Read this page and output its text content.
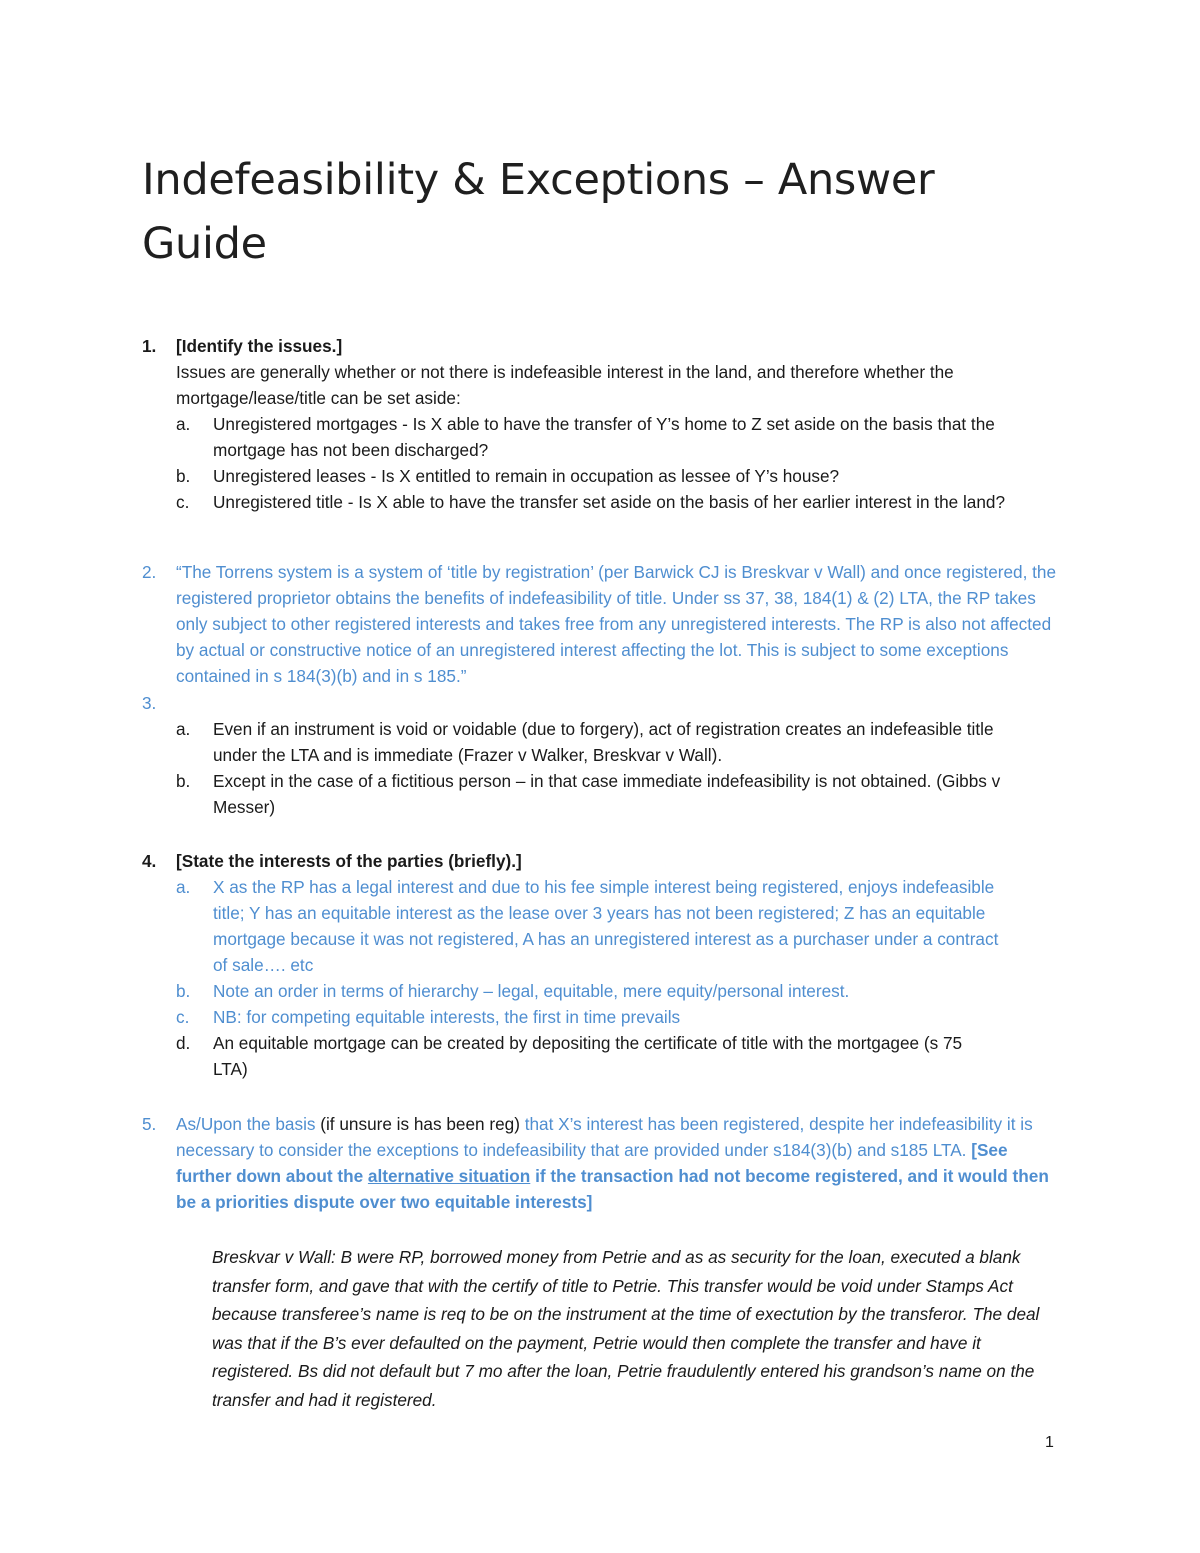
Indefeasibility & Exceptions – Answer Guide
1.	[Identify the issues.]

Issues are generally whether or not there is indefeasible interest in the land, and therefore whether the mortgage/lease/title can be set aside:

a.	Unregistered mortgages - Is X able to have the transfer of Y’s home to Z set aside on the basis that the mortgage has not been discharged?

b.	Unregistered leases - Is X entitled to remain in occupation as lessee of Y’s house?

c.	Unregistered title - Is X able to have the transfer set aside on the basis of her earlier interest in the land?

2.	“The Torrens system is a system of ‘title by registration’ (per Barwick CJ is Breskvar v Wall) and once registered, the registered proprietor obtains the benefits of indefeasibility of title. Under ss 37, 38, 184(1) & (2) LTA, the RP takes only subject to other registered interests and takes free from any unregistered interests. The RP is also not affected by actual or constructive notice of an unregistered interest affecting the lot. This is subject to some exceptions contained in s 184(3)(b) and in s 185.”

3.

a.	Even if an instrument is void or voidable (due to forgery), act of registration creates an indefeasible title under the LTA and is immediate (Frazer v Walker, Breskvar v Wall).

b.	Except in the case of a fictitious person – in that case immediate indefeasibility is not obtained. (Gibbs v Messer)

4.	[State the interests of the parties (briefly).]

a.	X as the RP has a legal interest and due to his fee simple interest being registered, enjoys indefeasible title; Y has an equitable interest as the lease over 3 years has not been registered; Z has an equitable mortgage because it was not registered, A has an unregistered interest as a purchaser under a contract of sale…. etc

b.	Note an order in terms of hierarchy – legal, equitable, mere equity/personal interest.

c.	NB: for competing equitable interests, the first in time prevails

d.	An equitable mortgage can be created by depositing the certificate of title with the mortgagee (s 75 LTA)

5.	As/Upon the basis (if unsure is has been reg) that X’s interest has been registered, despite her indefeasibility it is necessary to consider the exceptions to indefeasibility that are provided under s184(3)(b) and s185 LTA. [See further down about the alternative situation if the transaction had not become registered, and it would then be a priorities dispute over two equitable interests]

Breskvar v Wall: B were RP, borrowed money from Petrie and as as security for the loan, executed a blank transfer form, and gave that with the certify of title to Petrie. This transfer would be void under Stamps Act because transferee’s name is req to be on the instrument at the time of exectution by the transferor. The deal was that if the B’s ever defaulted on the payment, Petrie would then complete the transfer and have it registered. Bs did not default but 7 mo after the loan, Petrie fraudulently entered his grandson’s name on the transfer and had it registered.

1
